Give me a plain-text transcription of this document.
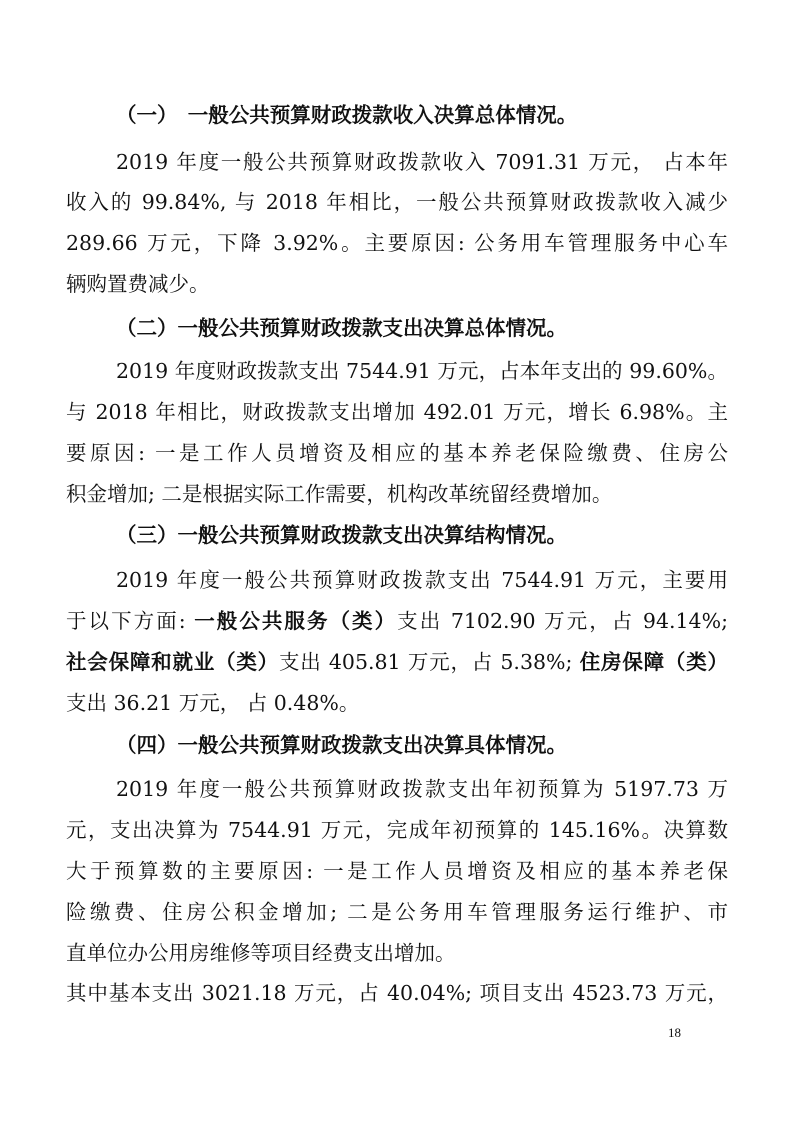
（一）　一般公共预算财政拨款收入决算总体情况。
2019 年度一般公共预算财政拨款收入 7091.31 万元， 占本年
收入的 99.84%, 与 2018 年相比，一般公共预算财政拨款收入减少
289.66 万元，下降 3.92%。主要原因: 公务用车管理服务中心车
辆购置费减少。
（二）一般公共预算财政拨款支出决算总体情况。
2019 年度财政拨款支出 7544.91 万元，占本年支出的 99.60%。
与 2018 年相比，财政拨款支出增加 492.01 万元，增长 6.98%。主
要原因: 一是工作人员增资及相应的基本养老保险缴费、住房公
积金增加; 二是根据实际工作需要，机构改革统留经费增加。
（三）一般公共预算财政拨款支出决算结构情况。
2019 年度一般公共预算财政拨款支出 7544.91 万元，主要用
于以下方面: 一般公共服务（类）支出 7102.90 万元，占 94.14%;
社会保障和就业（类）支出 405.81 万元，占 5.38%; 住房保障（类）
支出 36.21 万元， 占 0.48%。
（四）一般公共预算财政拨款支出决算具体情况。
2019 年度一般公共预算财政拨款支出年初预算为 5197.73 万
元，支出决算为 7544.91 万元，完成年初预算的 145.16%。决算数
大于预算数的主要原因: 一是工作人员增资及相应的基本养老保
险缴费、住房公积金增加; 二是公务用车管理服务运行维护、市
直单位办公用房维修等项目经费支出增加。
其中基本支出 3021.18 万元，占 40.04%; 项目支出 4523.73 万元，
18
